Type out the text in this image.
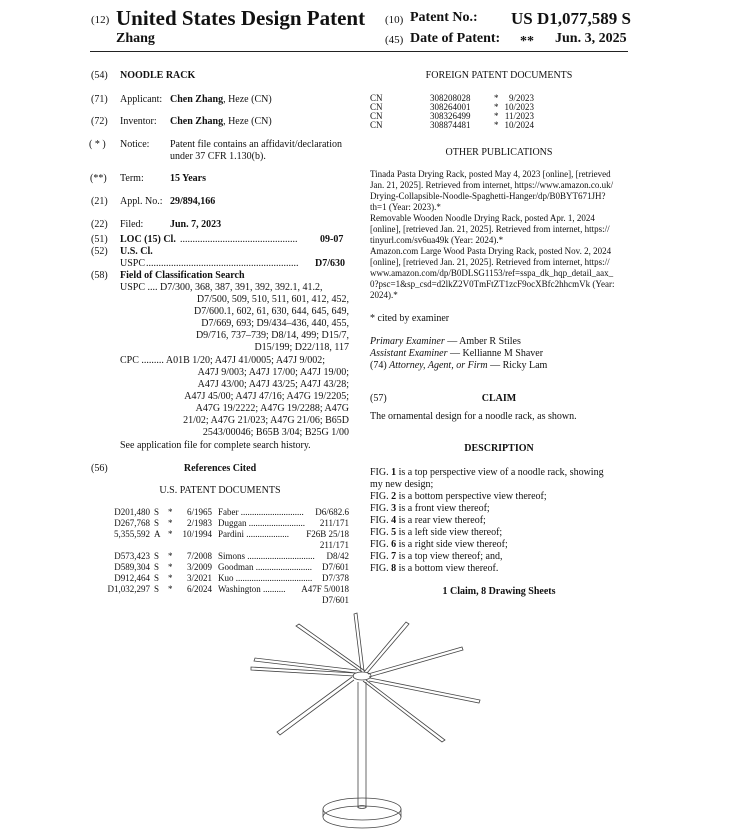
(12) United States Design Patent (10) Patent No.: US D1,077,589 S
Zhang	(45) Date of Patent: ** Jun. 3, 2025
(54) NOODLE RACK
(71) Applicant: Chen Zhang, Heze (CN)
(72) Inventor: Chen Zhang, Heze (CN)
( * ) Notice: Patent file contains an affidavit/declaration
under 37 CFR 1.130(b).
(**) Term:	15 Years
(21) Appl. No.: 29/894,166
(22) Filed:	Jun. 7, 2023
(51) LOC (15) Cl. ............................................... 09-07
(52) U.S. Cl.
USPC ............................................................. D7/630
(58) Field of Classification Search
USPC .... D7/300, 368, 387, 391, 392, 392.1, 41.2,
D7/500, 509, 510, 511, 601, 412, 452,
D7/600.1, 602, 61, 630, 644, 645, 649,
D7/669, 693; D9/434–436, 440, 455,
D9/716, 737–739; D8/14, 499; D15/7,
D15/199; D22/118, 117
CPC ......... A01B 1/20; A47J 41/0005; A47J 9/002;
A47J 9/003; A47J 17/00; A47J 19/00;
A47J 43/00; A47J 43/25; A47J 43/28;
A47J 45/00; A47J 47/16; A47G 19/2205;
A47G 19/2222; A47G 19/2288; A47G
21/02; A47G 21/023; A47G 21/06; B65D
2543/00046; B65B 3/04; B25G 1/00
See application file for complete search history.
(56)	References Cited
U.S. PATENT DOCUMENTS
D201,480 S *	6/1965 Faber ............................	D6/682.6
D267,768 S *	2/1983 Duggan .........................	211/171
5,355,592 A *	10/1994 Pardini ...................	F26B 25/18
211/171
D573,423 S *	7/2008 Simons ..............................	D8/42
D589,304 S *	3/2009 Goodman .........................	D7/601
D912,464 S *	3/2021 Kuo ..................................	D7/378
D1,032,297 S *	6/2024 Washington ..........	A47F 5/0018
D7/601
FOREIGN PATENT DOCUMENTS
CN	308208028	*	9/2023
CN	308264001	* 10/2023
CN	308326499	* 11/2023
CN	308874481	* 10/2024
OTHER PUBLICATIONS
Tinada Pasta Drying Rack, posted May 4, 2023 [online], [retrieved
Jan. 21, 2025]. Retrieved from internet, https://www.amazon.co.uk/
Drying-Collapsible-Noodle-Spaghetti-Hanger/dp/B0BYT671JH?
th=1 (Year: 2023).*
Removable Wooden Noodle Drying Rack, posted Apr. 1, 2024
[online], [retrieved Jan. 21, 2025]. Retrieved from internet, https://
tinyurl.com/sv6ua49k (Year: 2024).*
Amazon.com Large Wood Pasta Drying Rack, posted Nov. 2, 2024
[online], [retrieved Jan. 21, 2025]. Retrieved from internet, https://
www.amazon.com/dp/B0DLSG1153/ref=sspa_dk_hqp_detail_aax_
0?psc=1&sp_csd=d2lkZ2V0TmFtZT1zcF9ocXBfc2hhcmVk (Year:
2024).*
* cited by examiner
Primary Examiner — Amber R Stiles
Assistant Examiner — Kellianne M Shaver
(74) Attorney, Agent, or Firm — Ricky Lam
(57)	CLAIM
The ornamental design for a noodle rack, as shown.
DESCRIPTION
FIG. 1 is a top perspective view of a noodle rack, showing
my new design;
FIG. 2 is a bottom perspective view thereof;
FIG. 3 is a front view thereof;
FIG. 4 is a rear view thereof;
FIG. 5 is a left side view thereof;
FIG. 6 is a right side view thereof;
FIG. 7 is a top view thereof; and,
FIG. 8 is a bottom view thereof.
1 Claim, 8 Drawing Sheets
